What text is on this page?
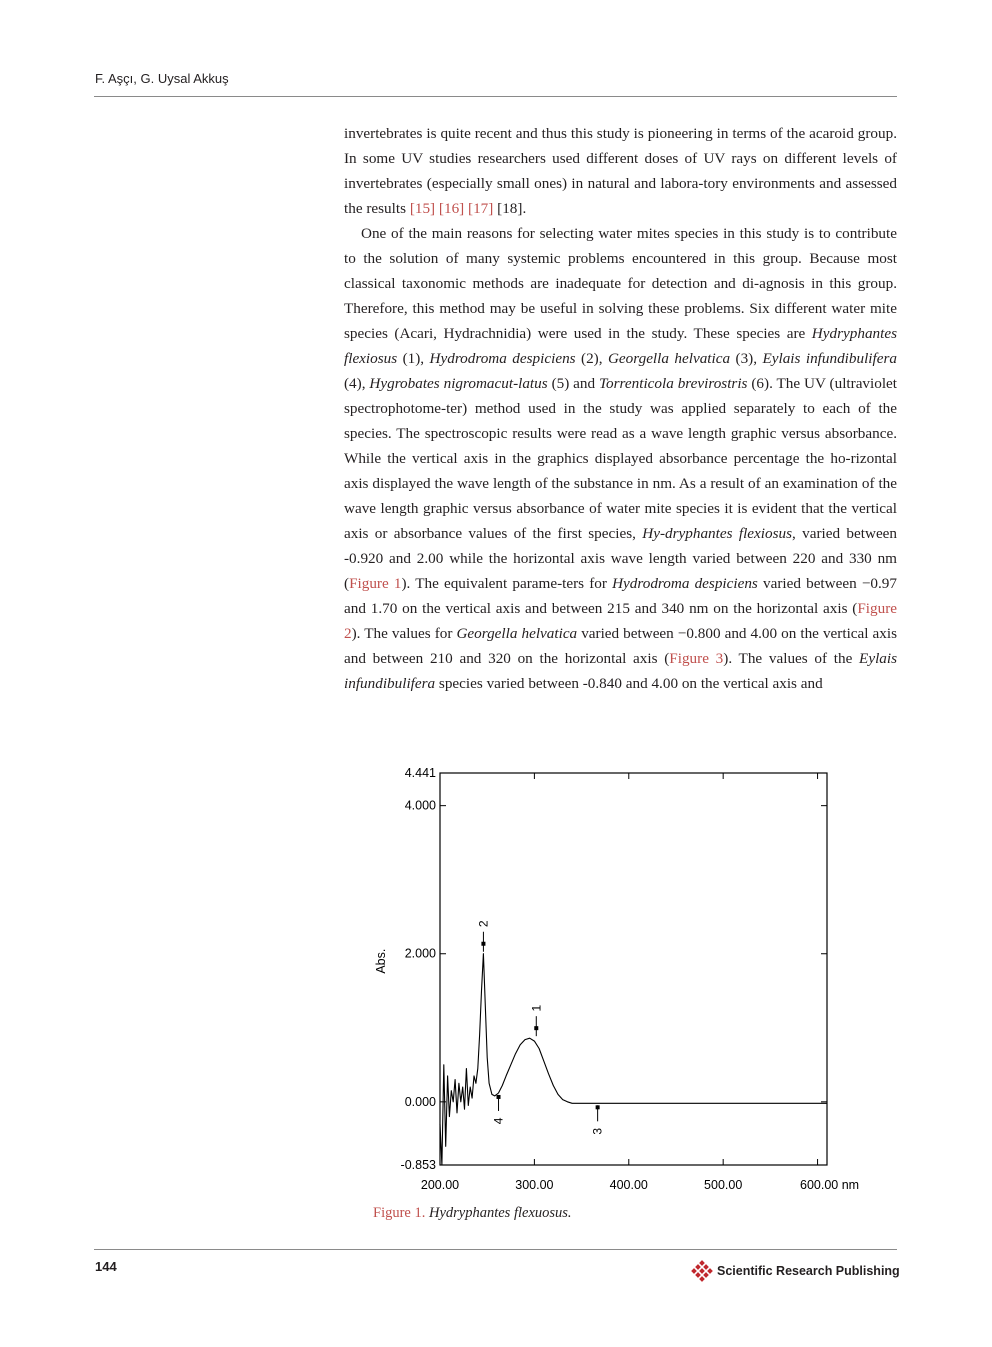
F. Aşçı, G. Uysal Akkuş

invertebrates is quite recent and thus this study is pioneering in terms of the acaroid group. In some UV studies researchers used different doses of UV rays on different levels of invertebrates (especially small ones) in natural and labora-tory environments and assessed the results [15] [16] [17] [18].

One of the main reasons for selecting water mites species in this study is to contribute to the solution of many systemic problems encountered in this group. Because most classical taxonomic methods are inadequate for detection and di-agnosis in this group. Therefore, this method may be useful in solving these problems. Six different water mite species (Acari, Hydrachnidia) were used in the study. These species are Hydryphantes flexiosus (1), Hydrodroma despiciens (2), Georgella helvatica (3), Eylais infundibulifera (4), Hygrobates nigromacut-latus (5) and Torrenticola brevirostris (6). The UV (ultraviolet spectrophotome-ter) method used in the study was applied separately to each of the species. The spectroscopic results were read as a wave length graphic versus absorbance. While the vertical axis in the graphics displayed absorbance percentage the ho-rizontal axis displayed the wave length of the substance in nm. As a result of an examination of the wave length graphic versus absorbance of water mite species it is evident that the vertical axis or absorbance values of the first species, Hy-dryphantes flexiosus, varied between -0.920 and 2.00 while the horizontal axis wave length varied between 220 and 330 nm (Figure 1). The equivalent parame-ters for Hydrodroma despiciens varied between −0.97 and 1.70 on the vertical axis and between 215 and 340 nm on the horizontal axis (Figure 2). The values for Georgella helvatica varied between −0.800 and 4.00 on the vertical axis and between 210 and 320 on the horizontal axis (Figure 3). The values of the Eylais infundibulifera species varied between -0.840 and 4.00 on the vertical axis and

-0.853
0.000
2.000
4.000
4.441
200.00	300.00	400.00	500.00	600.00 nm
Abs.
1
2
3
4
Figure 1. Hydryphantes flexuosus.
144	Scientific Research Publishing
